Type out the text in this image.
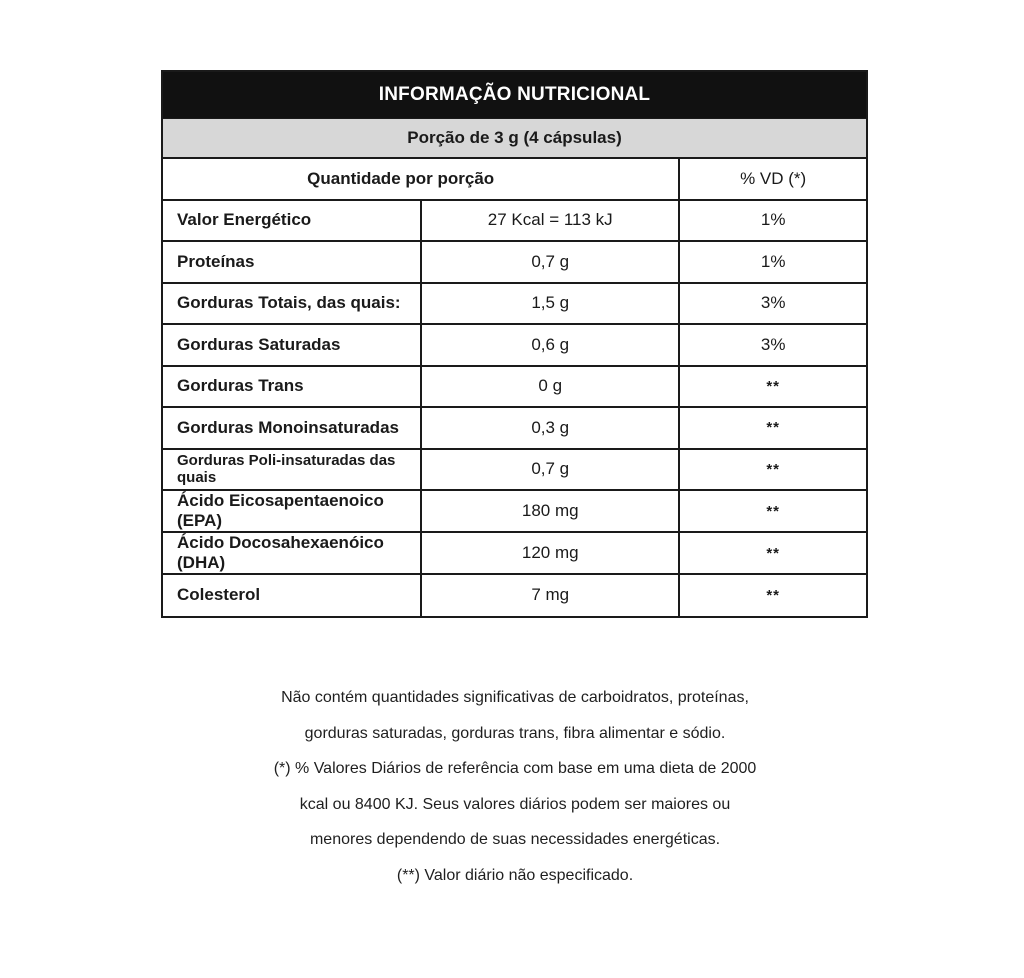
INFORMAÇÃO NUTRICIONAL
Porção de 3 g (4 cápsulas)
Quantidade por porção		% VD (*)
Valor Energético	27 Kcal = 113 kJ	1%
Proteínas	0,7 g	1%
Gorduras Totais, das quais:	1,5 g	3%
Gorduras Saturadas	0,6 g	3%
Gorduras Trans	0 g	**
Gorduras Monoinsaturadas	0,3 g	**
Gorduras Poli-insaturadas das quais	0,7 g	**
Ácido Eicosapentaenoico (EPA)	180 mg	**
Ácido Docosahexaenóico (DHA)	120 mg	**
Colesterol	7 mg	**
Não contém quantidades significativas de carboidratos, proteínas,
gorduras saturadas, gorduras trans, fibra alimentar e sódio.
(*) % Valores Diários de referência com base em uma dieta de 2000
kcal ou 8400 KJ. Seus valores diários podem ser maiores ou
menores dependendo de suas necessidades energéticas.
(**) Valor diário não especificado.
